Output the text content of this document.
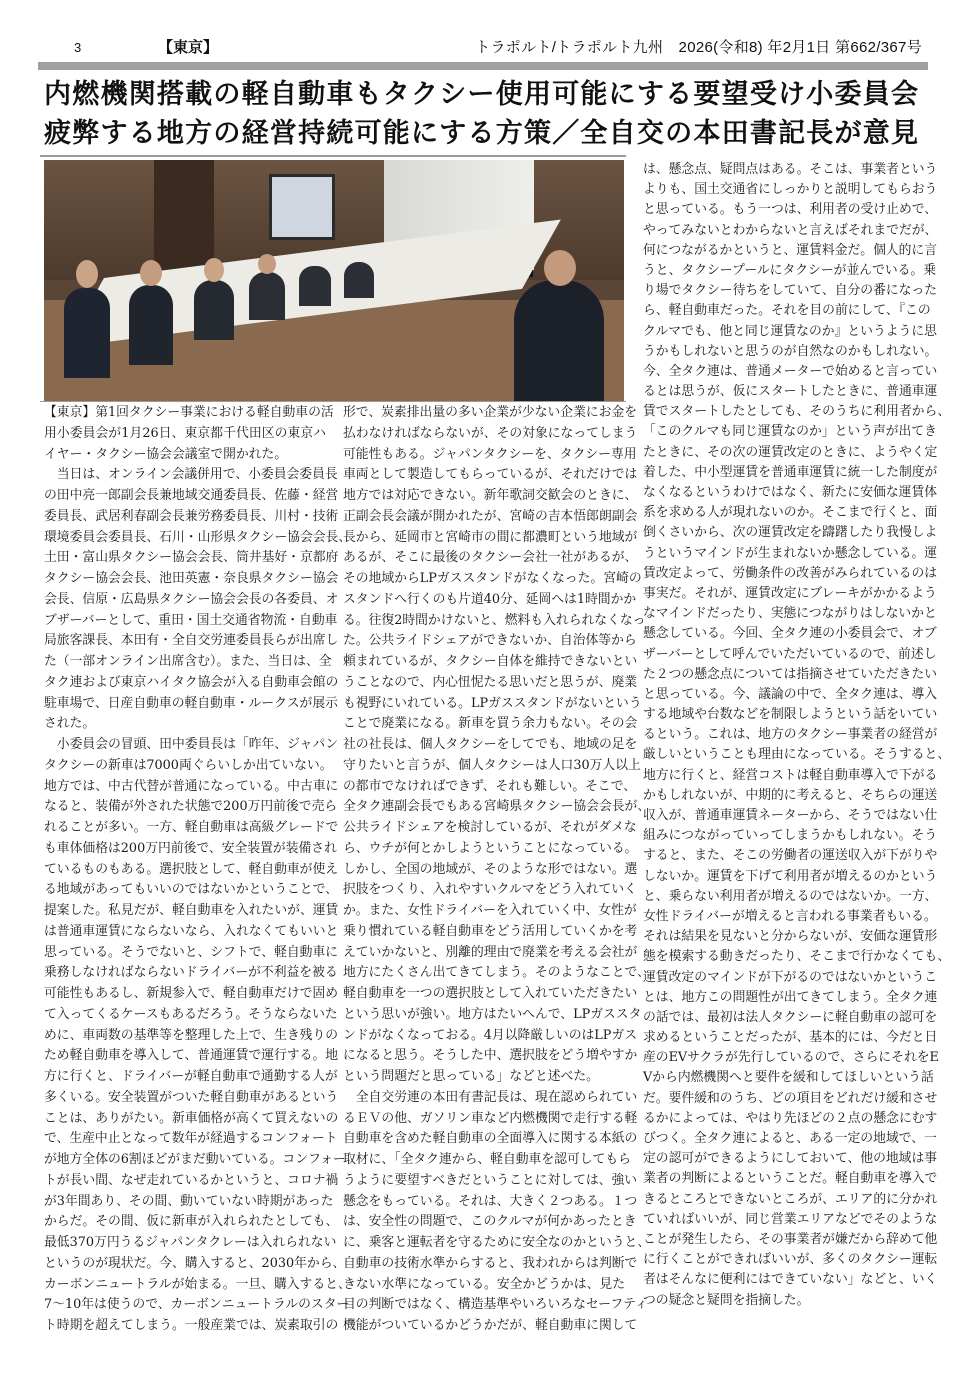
3	【東京】	トラポルト/トラポルト九州　2026(令和8) 年2月1日 第662/367号
内燃機関搭載の軽自動車もタクシー使用可能にする要望受け小委員会
疲弊する地方の経営持続可能にする方策／全自交の本田書記長が意見
【東京】第1回タクシー事業における軽自動車の活
用小委員会が1月26日、東京都千代田区の東京ハ
イヤー・タクシー協会会議室で開かれた。
　当日は、オンライン会議併用で、小委員会委員長
の田中亮一郎副会長兼地域交通委員長、佐藤・経営
委員長、武居利春副会長兼労務委員長、川村・技術
環境委員会委員長、石川・山形県タクシー協会会長、
土田・富山県タクシー協会会長、筒井基好・京都府
タクシー協会会長、池田英憲・奈良県タクシー協会
会長、信原・広島県タクシー協会会長の各委員、オ
ブザーバーとして、重田・国土交通省物流・自動車
局旅客課長、本田有・全自交労連委員長らが出席し
た（一部オンライン出席含む）。また、当日は、全
タク連および東京ハイタク協会が入る自動車会館の
駐車場で、日産自動車の軽自動車・ルークスが展示
された。
　小委員会の冒頭、田中委員長は「昨年、ジャパン
タクシーの新車は7000両ぐらいしか出ていない。
地方では、中古代替が普通になっている。中古車に
なると、装備が外された状態で200万円前後で売ら
れることが多い。一方、軽自動車は高級グレードで
も車体価格は200万円前後で、安全装置が装備され
ているものもある。選択肢として、軽自動車が使え
る地域があってもいいのではないかということで、
提案した。私見だが、軽自動車を入れたいが、運賃
は普通車運賃にならないなら、入れなくてもいいと
思っている。そうでないと、シフトで、軽自動車に
乗務しなければならないドライバーが不利益を被る
可能性もあるし、新規参入で、軽自動車だけで固め
て入ってくるケースもあるだろう。そうならないた
めに、車両数の基準等を整理した上で、生き残りの
ため軽自動車を導入して、普通運賃で運行する。地
方に行くと、ドライバーが軽自動車で通勤する人が
多くいる。安全装置がついた軽自動車があるという
ことは、ありがたい。新車価格が高くて買えないの
で、生産中止となって数年が経過するコンフォート
が地方全体の6割ほどがまだ動いている。コンフォー
トが長い間、なぜ走れているかというと、コロナ禍
が3年間あり、その間、動いていない時期があった
からだ。その間、仮に新車が入れられたとしても、
最低370万円うるジャパンタクレーは入れられない
というのが現状だ。今、購入すると、2030年から、
カーボンニュートラルが始まる。一旦、購入すると、
7～10年は使うので、カーボンニュートラルのスター
ト時期を超えてしまう。一般産業では、炭素取引の
形で、炭素排出量の多い企業が少ない企業にお金を
払わなければならないが、その対象になってしまう
可能性もある。ジャパンタクシーを、タクシー専用
車両として製造してもらっているが、それだけでは
地方では対応できない。新年歌詞交歓会のときに、
正副会長会議が開かれたが、宮崎の吉本悟郎朗副会
長から、延岡市と宮崎市の間に都濃町という地域が
あるが、そこに最後のタクシー会社一社があるが、
その地域からLPガススタンドがなくなった。宮崎の
スタンドへ行くのも片道40分、延岡へは1時間かか
る。往復2時間かけないと、燃料も入れられなくなっ
た。公共ライドシェアができないか、自治体等から
頼まれているが、タクシー自体を維持できないとい
うことなので、内心忸怩たる思いだと思うが、廃業
も視野にいれている。LPガススタンドがないという
ことで廃業になる。新車を買う余力もない。その会
社の社長は、個人タクシーをしてでも、地域の足を
守りたいと言うが、個人タクシーは人口30万人以上
の都市でなければできず、それも難しい。そこで、
全タク連副会長でもある宮崎県タクシー協会会長が、
公共ライドシェアを検討しているが、それがダメな
ら、ウチが何とかしようということになっている。
しかし、全国の地域が、そのような形ではない。選
択肢をつくり、入れやすいクルマをどう入れていく
か。また、女性ドライバーを入れていく中、女性が
乗り慣れている軽自動車をどう活用していくかを考
えていかないと、別離的理由で廃業を考える会社が
地方にたくさん出てきてしまう。そのようなことで、
軽自動車を一つの選択肢として入れていただきたい
という思いが強い。地方はたいへんで、LPガススタ
ンドがなくなっておる。4月以降厳しいのはLPガス
になると思う。そうした中、選択肢をどう増やすか
という問題だと思っている」などと述べた。
　全自交労連の本田有書記長は、現在認められてい
るＥＶの他、ガソリン車など内燃機関で走行する軽
自動車を含めた軽自動車の全面導入に関する本紙の
取材に、「全タク連から、軽自動車を認可してもら
うように要望すべきだということに対しては、強い
懸念をもっている。それは、大きく２つある。１つ
は、安全性の問題で、このクルマが何かあったとき
に、乗客と運転者を守るために安全なのかというと、
自動車の技術水準からすると、我われからは判断で
きない水準になっている。安全かどうかは、見た
目の判断ではなく、構造基準やいろいろなセーフティ
機能がついているかどうかだが、軽自動車に関して
は、懸念点、疑問点はある。そこは、事業者という
よりも、国土交通省にしっかりと説明してもらおう
と思っている。もう一つは、利用者の受け止めで、
やってみないとわからないと言えばそれまでだが、
何につながるかというと、運賃料金だ。個人的に言
うと、タクシープールにタクシーが並んでいる。乗
り場でタクシー待ちをしていて、自分の番になった
ら、軽自動車だった。それを目の前にして、『この
クルマでも、他と同じ運賃なのか』というように思
うかもしれないと思うのが自然なのかもしれない。
今、全タク連は、普通メーターで始めると言ってい
るとは思うが、仮にスタートしたときに、普通車運
賃でスタートしたとしても、そのうちに利用者から、
「このクルマも同じ運賃なのか」という声が出てき
たときに、その次の運賃改定のときに、ようやく定
着した、中小型運賃を普通車運賃に統一した制度が
なくなるというわけではなく、新たに安価な運賃体
系を求める人が現れないのか。そこまで行くと、面
倒くさいから、次の運賃改定を躊躇したり我慢しよ
うというマインドが生まれないか懸念している。運
賃改定よって、労働条件の改善がみられているのは
事実だ。それが、運賃改定にブレーキがかかるよう
なマインドだったり、実態につながりはしないかと
懸念している。今回、全タク連の小委員会で、オブ
ザーバーとして呼んでいただいているので、前述し
た２つの懸念点については指摘させていただきたい
と思っている。今、議論の中で、全タク連は、導入
する地域や台数などを制限しようという話をいてい
るという。これは、地方のタクシー事業者の経営が
厳しいということも理由になっている。そうすると、
地方に行くと、経営コストは軽自動車導入で下がる
かもしれないが、中期的に考えると、そちらの運送
収入が、普通車運賃ネーターから、そうではない仕
組みにつながっていってしまうかもしれない。そう
すると、また、そこの労働者の運送収入が下がりや
しないか。運賃を下げて利用者が増えるのかという
と、乗らない利用者が増えるのではないか。一方、
女性ドライバーが増えると言われる事業者もいる。
それは結果を見ないと分からないが、安価な運賃形
態を模索する動きだったり、そこまで行かなくても、
運賃改定のマインドが下がるのではないかというこ
とは、地方この問題性が出てきてしまう。全タク連
の話では、最初は法人タクシーに軽自動車の認可を
求めるということだったが、基本的には、今だと日
産のEVサクラが先行しているので、さらにそれをE
Vから内燃機関へと要件を緩和してほしいという話
だ。要件緩和のうち、どの項目をどれだけ緩和させ
るかによっては、やはり先ほどの２点の懸念にむす
びつく。全タク連によると、ある一定の地域で、一
定の認可ができるようにしておいて、他の地域は事
業者の判断によるということだ。軽自動車を導入で
きるところとできないところが、エリア的に分かれ
ていればいいが、同じ営業エリアなどでそのような
ことが発生したら、その事業者が嫌だから辞めて他
に行くことができればいいが、多くのタクシー運転
者はそんなに便利にはできていない」などと、いく
つの疑念と疑問を指摘した。
